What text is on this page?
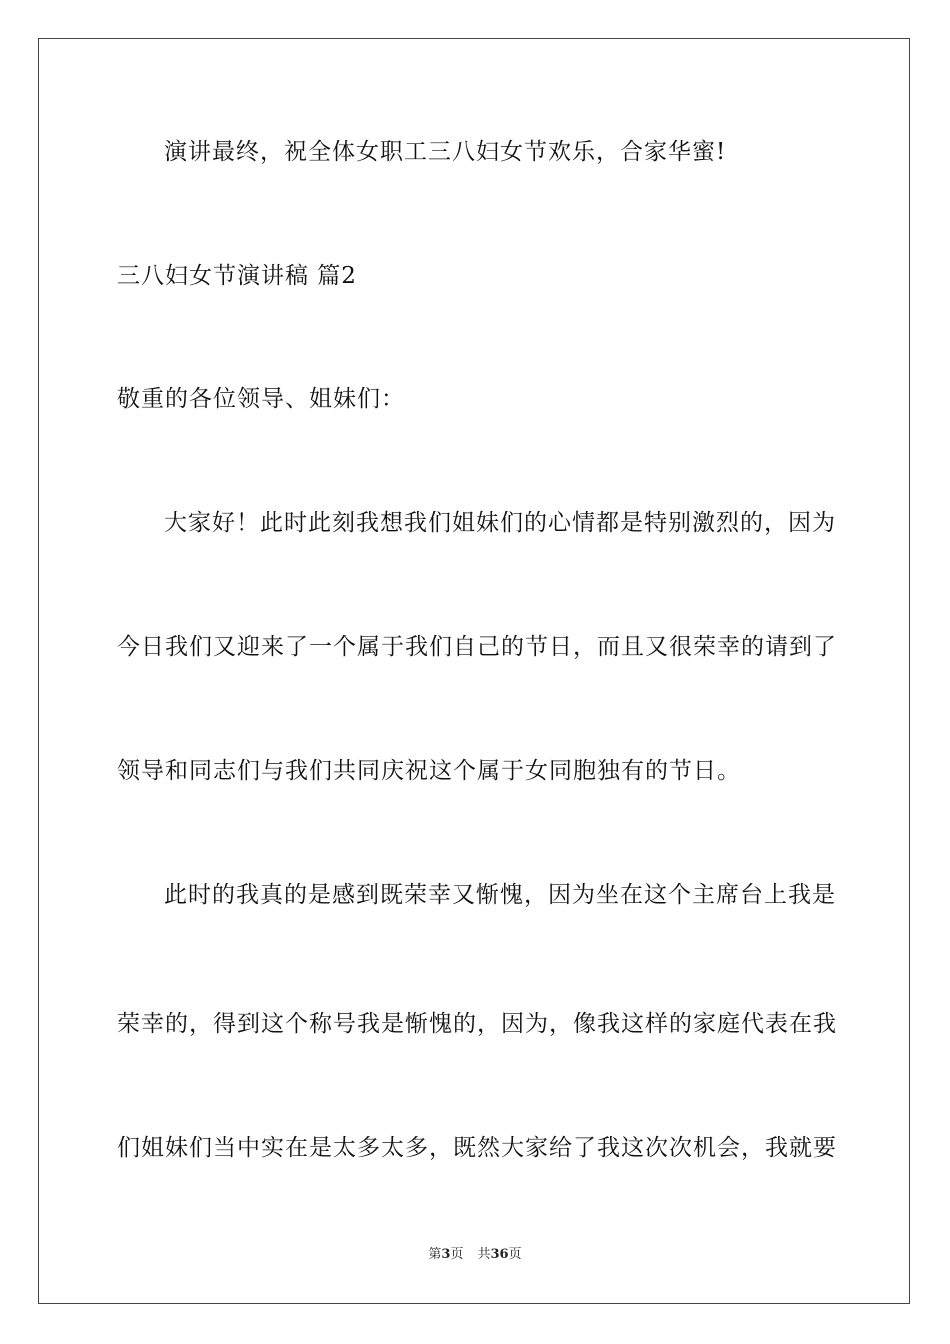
演讲最终，祝全体女职工三八妇女节欢乐，合家华蜜!
三八妇女节演讲稿 篇2
敬重的各位领导、姐妹们：
大家好！此时此刻我想我们姐妹们的心情都是特别激烈的，因为
今日我们又迎来了一个属于我们自己的节日，而且又很荣幸的请到了
领导和同志们与我们共同庆祝这个属于女同胞独有的节日。
此时的我真的是感到既荣幸又惭愧，因为坐在这个主席台上我是
荣幸的，得到这个称号我是惭愧的，因为，像我这样的家庭代表在我
们姐妹们当中实在是太多太多，既然大家给了我这次次机会，我就要
第3页 共36页
